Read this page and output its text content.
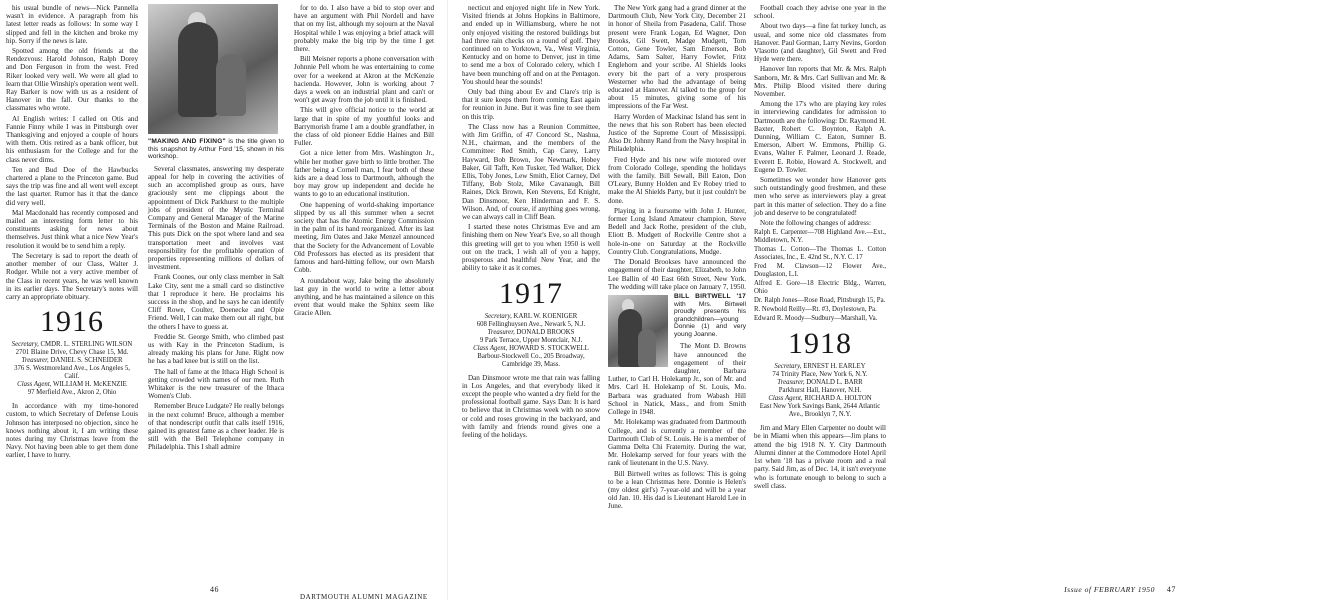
his usual bundle of news—Nick Pannella wasn't in evidence. A paragraph from his latest letter reads as follows: In some way I slipped and fell in the kitchen and broke my hip. Sorry if the news is late.

Spotted among the old friends at the Rendezvous: Harold Johnson, Ralph Dorey and Don Ferguson in from the west. Fred Riker looked very well. We were all glad to learn that Ollie Winship's operation went well. Ray Barker is now with us as a resident of Hanover in the fall. Our thanks to the classmates who wrote.

Al English writes: I called on Otis and Fannie Finny while I was in Pittsburgh over Thanksgiving and enjoyed a couple of hours with them. Otis retired as a bank officer, but his enthusiasm for the College and for the class never dims.

Ten and Bud Doe of the Hawbucks chartered a plane to the Princeton game. Bud says the trip was fine and all went well except the last quarter. Rumor has it that the dance did very well.

Mal Macdonald has recently composed and mailed an interesting form letter to his constituents asking for news about themselves. Just think what a nice New Year's resolution it would be to send him a reply.

The Secretary is sad to report the death of another member of our Class, Walter J. Rodger. While not a very active member of the Class in recent years, he was well known in its earlier days. The Secretary's notes will carry an appropriate obituary.

1916
Secretary, CMDR. L. STERLING WILSON
2701 Blaine Drive, Chevy Chase 15, Md.
Treasurer, DANIEL S. SCHNEIDER
376 S. Westmoreland Ave., Los Angeles 5, Calif.
Class Agent, WILLIAM H. McKENZIE
97 Merfield Ave., Akron 2, Ohio

In accordance with my time-honored custom, to which Secretary of Defense Louis Johnson has interposed no objection, since he knows nothing about it, I am writing these notes during my Christmas leave from the Navy. Not having been able to get them done earlier, I have to hurry.

"MAKING AND FIXING" is the title given to this snapshot by Arthur Ford '15, shown in his workshop.

Several classmates, answering my desperate appeal for help in covering the activities of such an accomplished group as ours, have graciously sent me clippings about the appointment of Dick Parkhurst to the multiple jobs of president of the Mystic Terminal Company and General Manager of the Marine Terminals of the Boston and Maine Railroad. This puts Dick on the spot where land and sea transportation meet and involves vast responsibility for the profitable operation of properties representing millions of dollars of investment.

Frank Coones, our only class member in Salt Lake City, sent me a small card so distinctive that I reproduce it here. He proclaims his success in the shop, and he says he can identify Cliff Rowe, Coulter, Doenecke and Opie Friend. Well, I can make them out all right, but the others I have to guess at.

Freddie St. George Smith, who climbed past us with Kay in the Princeton Stadium, is already making his plans for June. Right now he has a bad knee but is still on the list.

The hall of fame at the Ithaca High School is getting crowded with names of our men. Ruth Whitaker is the new treasurer of the Ithaca Women's Club.

Remember Bruce Ludgate? He really belongs in the next column! Bruce, although a member of that nondescript outfit that calls itself 1916, gained its greatest fame as a cheer leader. He is still with the Bell Telephone company in Philadelphia. This I shall admire

for to do. I also have a bid to stop over and have an argument with Phil Nordell and have that on my list, although my sojourn at the Naval Hospital while I was enjoying a brief attack will probably make the big trip by the time I get there.

Bill Meisner reports a phone conversation with Johnnie Pell whom he was entertaining to come over for a weekend at Akron at the McKenzie hacienda. However, John is working about 7 days a week on an industrial plant and can't or won't get away from the job until it is finished.

This will give official notice to the world at large that in spite of my youthful looks and Barrymorish frame I am a double grandfather, in the class of old pioneer Eddie Haines and Bill Fuller.

Got a nice letter from Mrs. Washington Jr., while her mother gave birth to little brother. The father being a Cornell man, I fear both of these kids are a dead loss to Dartmouth, although the boy may grow up independent and decide he wants to go to an educational institution.

One happening of world-shaking importance slipped by us all this summer when a secret society that has the Atomic Energy Commission in the palm of its hand reorganized. After its last meeting, Jim Oates and Jake Menzel announced that the Society for the Advancement of Lovable Old Professors has elected as its president that famous and hard-hitting fellow, our own Marsh Cobb.

A roundabout way, Jake being the absolutely last guy in the world to write a letter about anything, and he has maintained a silence on this event that would make the Sphinx seem like Gracie Allen.

46
DARTMOUTH ALUMNI MAGAZINE

necticut and enjoyed night life in New York. Visited friends at Johns Hopkins in Baltimore, and ended up in Williamsburg, where he not only enjoyed visiting the restored buildings but had three rain checks on a round of golf. They continued on to Yorktown, Va., West Virginia, Kentucky and on home to Denver, just in time to send me a box of Colorado celery, which I have been munching off and on at the Pentagon. You should hear the sounds!

Only bad thing about Ev and Clare's trip is that it sure keeps them from coming East again for reunion in June. But it was fine to see them on this trip.

The Class now has a Reunion Committee, with Jim Griffin, of 47 Concord St., Nashua, N.H., chairman, and the members of the Committee: Red Smith, Cap Carey, Larry Hayward, Bob Brown, Joe Newmark, Hobey Baker, Gil Tafft, Ken Tusker, Ted Walker, Dick Ellis, Toby Jones, Lew Smith, Eliot Carney, Del Tiffany, Bob Stolz, Mike Cavanaugh, Bill Raines, Dick Brown, Ken Stevens, Ed Knight, Dan Dinsmoor, Ken Hinderman and F. S. Wilson. And, of course, if anything goes wrong, we can always call in Cliff Bean.

I started these notes Christmas Eve and am finishing them on New Year's Eve, so all though this greeting will get to you when 1950 is well out on the track, I wish all of you a happy, prosperous and healthful New Year, and the ability to take it as it comes.

1917
Secretary, KARL W. KOENIGER
608 Fellinghuysen Ave., Newark 5, N.J.
Treasurer, DONALD BROOKS
9 Park Terrace, Upper Montclair, N.J.
Class Agent, HOWARD S. STOCKWELL
Barbour-Stockwell Co., 205 Broadway, Cambridge 39, Mass.

Dan Dinsmoor wrote me that rain was falling in Los Angeles, and that everybody liked it except the people who wanted a dry field for the professional football game. Says Dan: It is hard to believe that in Christmas week with no snow or cold and roses growing in the backyard, and with family and friends round gives one a feeling of the holidays.

The New York gang had a grand dinner at the Dartmouth Club, New York City, December 21 in honor of Sheila from Pasadena, Calif. Those present were Frank Logan, Ed Wagner, Don Brooks, Gil Swett, Madge Mudgett, Tom Cotton, Gene Towler, Sam Emerson, Bob Adams, Sam Salter, Harry Fowler, Fritz Englehorn and your scribe. Al Shields looks every bit the part of a very prosperous Westerner who had the advantage of being educated at Hanover. Al talked to the group for about 15 minutes, giving some of his impressions of the Far West.

Harry Worden of Mackinac Island has sent in the news that his son Robert has been elected Justice of the Supreme Court of Mississippi. Also Dr. Johnny Rand from the Navy hospital in Philadelphia.

Fred Hyde and his new wife motored over from Colorado College, spending the holidays with the family. Bill Sewall, Bill Eaton, Don O'Leary, Bunny Holden and Ev Robey tried to make the Al Shields Party, but it just couldn't be done.

Playing in a foursome with John J. Hunter, former Long Island Amateur champion, Steve Bedell and Jack Rothe, president of the club, Eliott B. Mudgett of Rockville Centre shot a hole-in-one on Saturday at the Rockville Country Club. Congratulations, Mudge.

The Donald Brookses have announced the engagement of their daughter, Elizabeth, to John Lee Ballin of 40 East 66th Street, New York. The wedding will take place on January 7, 1950.

BILL BIRTWELL '17 with Mrs. Birtwell proudly presents his grandchildren—young Donnie (1) and very young Joanne.

The Mont D. Browns have announced the engagement of their daughter, Barbara Luther, to Carl H. Holekamp Jr., son of Mr. and Mrs. Carl H. Holekamp of St. Louis, Mo. Barbara was graduated from Wabash Hill School in Natick, Mass., and from Smith College in 1948.

Mr. Holekamp was graduated from Dartmouth College, and is currently a member of the Dartmouth Club of St. Louis. He is a member of Gamma Delta Chi Fraternity. During the war, Mr. Holekamp served for four years with the rank of lieutenant in the U.S. Navy.

Bill Birtwell writes as follows: This is going to be a lean Christmas here. Donnie is Helen's (my oldest girl's) 7-year-old and will be a year old Jan. 10. His dad is Lieutenant Harold Lee in June.

Football coach they advise one year in the school.

About two days—a fine fat turkey lunch, as usual, and some nice old classmates from Hanover. Paul Gorman, Larry Nevins, Gordon Vlasotto (and daughter), Gil Swett and Fred Hyde were there.

Hanover Inn reports that Mr. & Mrs. Ralph Sanborn, Mr. & Mrs. Carl Sullivan and Mr. & Mrs. Philip Blood visited there during November.

Among the 17's who are playing key roles in interviewing candidates for admission to Dartmouth are the following: Dr. Raymond H. Baxter, Robert C. Boynton, Ralph A. Dunning, William C. Eaton, Sumner B. Emerson, Albert W. Emmons, Phillip G. Evans, Walter F. Palmer, Leonard J. Reade, Everett E. Robie, Howard A. Stockwell, and Eugene D. Towler.

Sometimes we wonder how Hanover gets such outstandingly good freshmen, and these men who serve as interviewers play a great part in this matter of selection. They do a fine job and deserve to be congratulated!

Note the following changes of address:

Ralph E. Carpenter—708 Highland Ave.—Ext., Middletown, N.Y.
Thomas L. Cotton—The Thomas L. Cotton Associates, Inc., E. 42nd St., N.Y. C. 17
Fred M. Clawson—12 Flower Ave., Douglaston, L.I.
Alfred E. Gore—18 Electric Bldg., Warren, Ohio
Dr. Ralph Jones—Rose Road, Pittsburgh 15, Pa.
R. Newbold Reilly—Rt. #3, Doylestown, Pa.
Edward R. Moody—Sudbury—Marshall, Va.
1918
Secretary, ERNEST H. EARLEY
74 Trinity Place, New York 6, N.Y.
Treasurer, DONALD L. BARR
Parkhurst Hall, Hanover, N.H.
Class Agent, RICHARD A. HOLTON
East New York Savings Bank, 2644 Atlantic Ave., Brooklyn 7, N.Y.

Jim and Mary Ellen Carpenter no doubt will be in Miami when this appears—Jim plans to attend the big 1918 N. Y. City Dartmouth Alumni dinner at the Commodore Hotel April 1st when '18 has a private room and a real party. Said Jim, as of Dec. 14, it isn't everyone who is fortunate enough to belong to such a swell class.

Issue of FEBRUARY 1950 47
